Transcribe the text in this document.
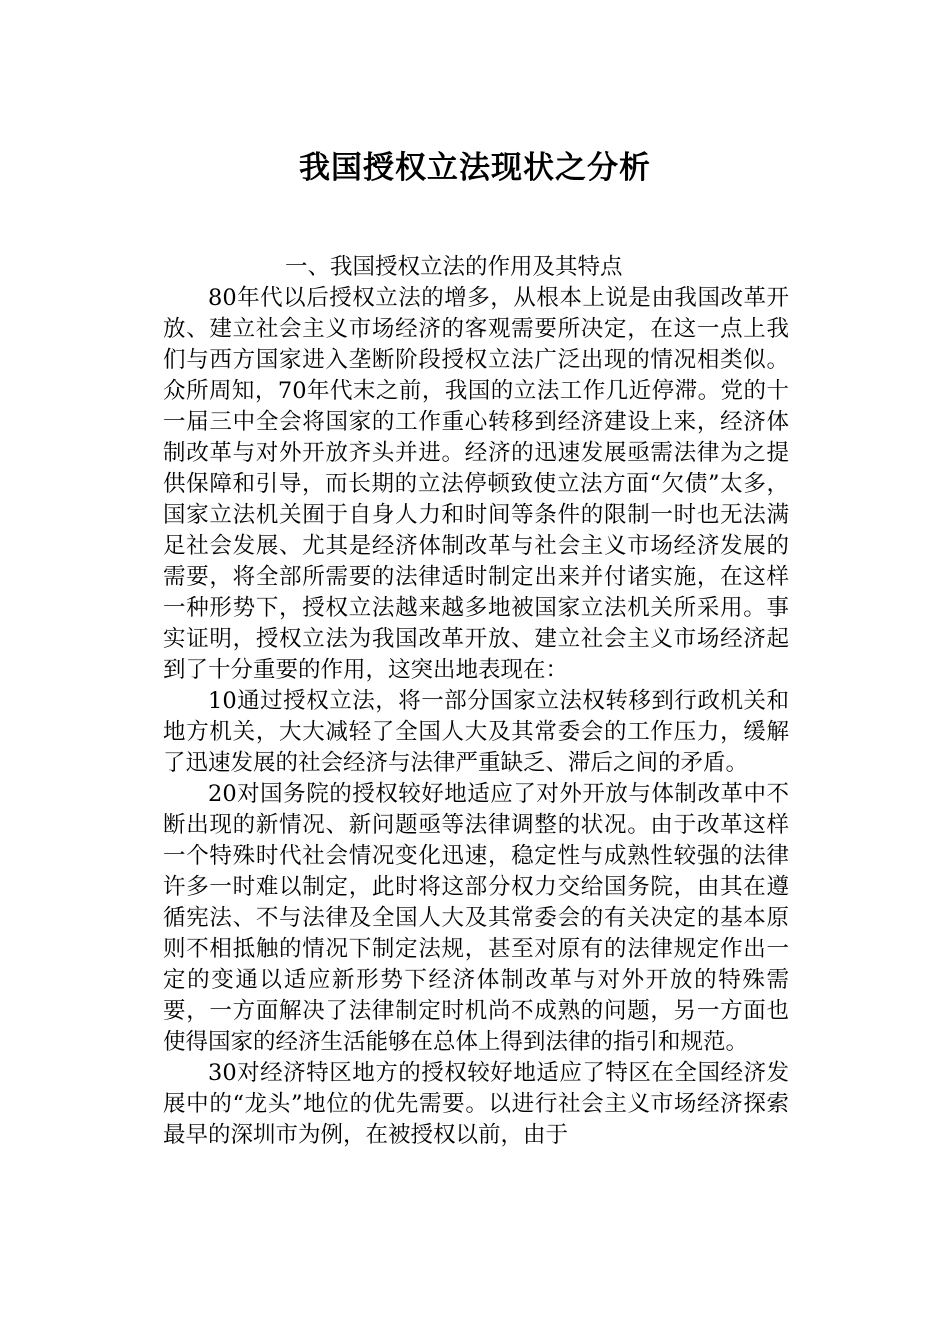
我国授权立法现状之分析
一、我国授权立法的作用及其特点

80年代以后授权立法的增多，从根本上说是由我国改革开放、建立社会主义市场经济的客观需要所决定，在这一点上我们与西方国家进入垄断阶段授权立法广泛出现的情况相类似。众所周知，70年代末之前，我国的立法工作几近停滞。党的十一届三中全会将国家的工作重心转移到经济建设上来，经济体制改革与对外开放齐头并进。经济的迅速发展亟需法律为之提供保障和引导，而长期的立法停顿致使立法方面“欠债”太多，国家立法机关囿于自身人力和时间等条件的限制一时也无法满足社会发展、尤其是经济体制改革与社会主义市场经济发展的需要，将全部所需要的法律适时制定出来并付诸实施，在这样一种形势下，授权立法越来越多地被国家立法机关所采用。事实证明，授权立法为我国改革开放、建立社会主义市场经济起到了十分重要的作用，这突出地表现在：

10通过授权立法，将一部分国家立法权转移到行政机关和地方机关，大大减轻了全国人大及其常委会的工作压力，缓解了迅速发展的社会经济与法律严重缺乏、滞后之间的矛盾。

20对国务院的授权较好地适应了对外开放与体制改革中不断出现的新情况、新问题亟等法律调整的状况。由于改革这样一个特殊时代社会情况变化迅速，稳定性与成熟性较强的法律许多一时难以制定，此时将这部分权力交给国务院，由其在遵循宪法、不与法律及全国人大及其常委会的有关决定的基本原则不相抵触的情况下制定法规，甚至对原有的法律规定作出一定的变通以适应新形势下经济体制改革与对外开放的特殊需要，一方面解决了法律制定时机尚不成熟的问题，另一方面也使得国家的经济生活能够在总体上得到法律的指引和规范。

30对经济特区地方的授权较好地适应了特区在全国经济发展中的“龙头”地位的优先需要。以进行社会主义市场经济探索最早的深圳市为例，在被授权以前，由于
